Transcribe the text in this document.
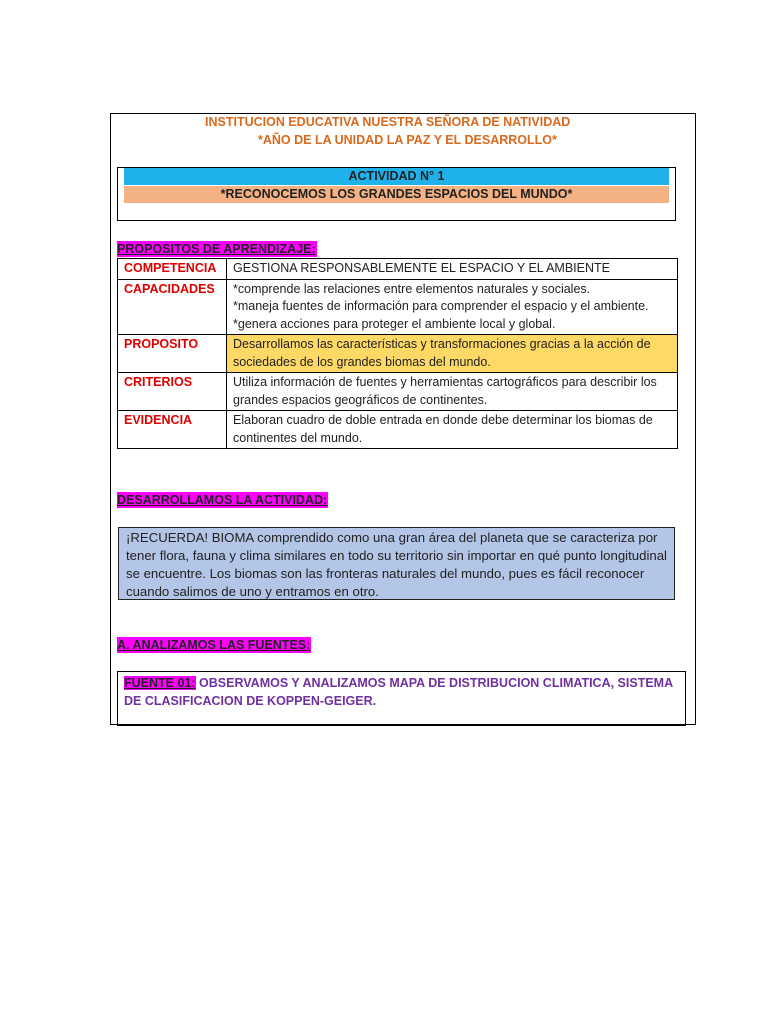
INSTITUCION EDUCATIVA NUESTRA SEÑORA DE NATIVIDAD
*AÑO DE LA UNIDAD LA PAZ Y EL DESARROLLO*
ACTIVIDAD N° 1
*RECONOCEMOS LOS GRANDES ESPACIOS DEL MUNDO*
PROPOSITOS DE APRENDIZAJE:
COMPETENCIA	GESTIONA RESPONSABLEMENTE EL ESPACIO Y EL AMBIENTE
CAPACIDADES	*comprende las relaciones entre elementos naturales y sociales.
*maneja fuentes de información para comprender el espacio y el ambiente.
*genera acciones para proteger el ambiente local y global.
PROPOSITO	Desarrollamos las características y transformaciones gracias a la acción de sociedades de los grandes biomas del mundo.
CRITERIOS	Utiliza información de fuentes y herramientas cartográficos para describir los grandes espacios geográficos de continentes.
EVIDENCIA	Elaboran cuadro de doble entrada en donde debe determinar los biomas de continentes del mundo.
DESARROLLAMOS LA ACTIVIDAD:
¡RECUERDA! BIOMA comprendido como una gran área del planeta que se caracteriza por tener flora, fauna y clima similares en todo su territorio sin importar en qué punto longitudinal se encuentre. Los biomas son las fronteras naturales del mundo, pues es fácil reconocer cuando salimos de uno y entramos en otro.
A. ANALIZAMOS LAS FUENTES:
FUENTE 01: OBSERVAMOS Y ANALIZAMOS MAPA DE DISTRIBUCION CLIMATICA, SISTEMA DE CLASIFICACION DE KOPPEN-GEIGER.
